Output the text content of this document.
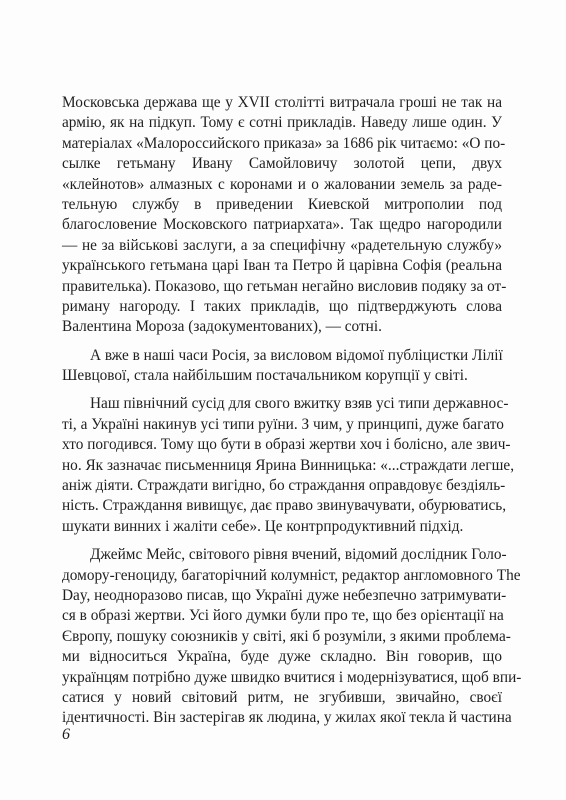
Московська держава ще у XVII столітті витрачала гроші не так на
армію, як на підкуп. Тому є сотні прикладів. Наведу лише один. У
матеріалах «Малороссийского приказа» за 1686 рік читаємо: «О по-
сылке гетьману Ивану Самойловичу золотой цепи, двух
«клейнотов» алмазных с коронами и о жаловании земель за раде-
тельную службу в приведении Киевской митрополии под
благословение Московского патриархата». Так щедро нагородили
— не за військові заслуги, а за специфічну «радетельную службу»
українського гетьмана царі Іван та Петро й царівна Софія (реальна
правителька). Показово, що гетьман негайно висловив подяку за от-
риману нагороду. І таких прикладів, що підтверджують слова
Валентина Мороза (задокументованих), — сотні.
А вже в наші часи Росія, за висловом відомої публіцистки Лілії
Шевцової, стала найбільшим постачальником корупції у світі.
Наш північний сусід для свого вжитку взяв усі типи державнос-
ті, а Україні накинув усі типи руїни. З чим, у принципі, дуже багато
хто погодився. Тому що бути в образі жертви хоч і болісно, але звич-
но. Як зазначає письменниця Ярина Винницька: «...страждати легше,
аніж діяти. Страждати вигідно, бо страждання оправдовує бездіяль-
ність. Страждання вивищує, дає право звинувачувати, обурюватись,
шукати винних і жаліти себе». Це контрпродуктивний підхід.
Джеймс Мейс, світового рівня вчений, відомий дослідник Голо-
домору-геноциду, багаторічний колумніст, редактор англомовного The
Day, неодноразово писав, що Україні дуже небезпечно затримувати-
ся в образі жертви. Усі його думки були про те, що без орієнтації на
Європу, пошуку союзників у світі, які б розуміли, з якими проблема-
ми відноситься Україна, буде дуже складно. Він говорив, що
українцям потрібно дуже швидко вчитися і модернізуватися, щоб впи-
сатися у новий світовий ритм, не згубивши, звичайно, своєї
ідентичності. Він застерігав як людина, у жилах якої текла й частина
6
